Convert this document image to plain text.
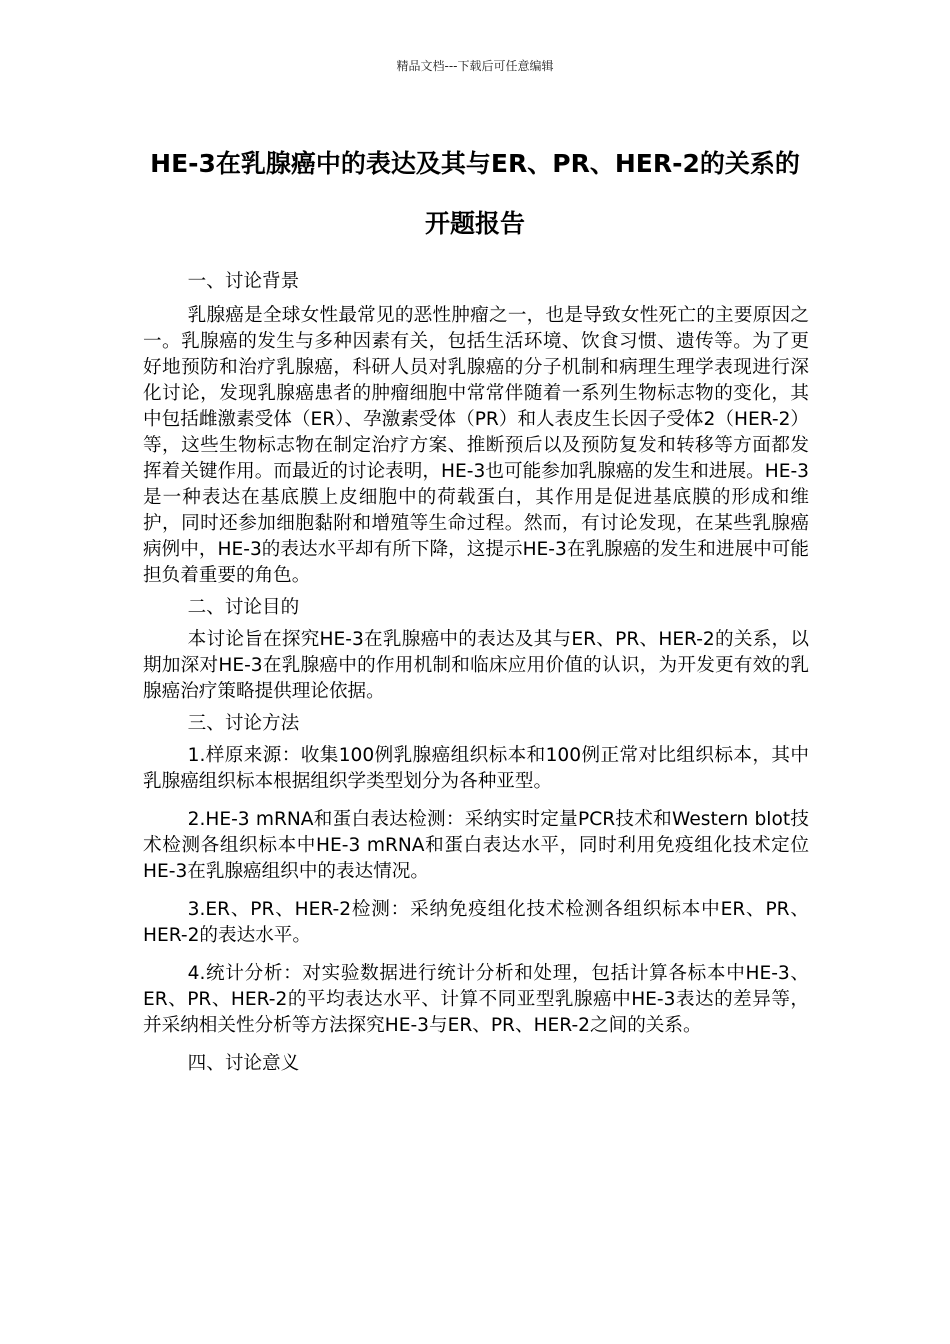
精品文档---下载后可任意编辑
HE-3在乳腺癌中的表达及其与ER、PR、HER-2的关系的开题报告

一、讨论背景

乳腺癌是全球女性最常见的恶性肿瘤之一，也是导致女性死亡的主要原因之一。乳腺癌的发生与多种因素有关，包括生活环境、饮食习惯、遗传等。为了更好地预防和治疗乳腺癌，科研人员对乳腺癌的分子机制和病理生理学表现进行深化讨论，发现乳腺癌患者的肿瘤细胞中常常伴随着一系列生物标志物的变化，其中包括雌激素受体（ER）、孕激素受体（PR）和人表皮生长因子受体2（HER-2）等，这些生物标志物在制定治疗方案、推断预后以及预防复发和转移等方面都发挥着关键作用。而最近的讨论表明，HE-3也可能参加乳腺癌的发生和进展。HE-3是一种表达在基底膜上皮细胞中的荷载蛋白，其作用是促进基底膜的形成和维护，同时还参加细胞黏附和增殖等生命过程。然而，有讨论发现，在某些乳腺癌病例中，HE-3的表达水平却有所下降，这提示HE-3在乳腺癌的发生和进展中可能担负着重要的角色。

二、讨论目的

本讨论旨在探究HE-3在乳腺癌中的表达及其与ER、PR、HER-2的关系，以期加深对HE-3在乳腺癌中的作用机制和临床应用价值的认识，为开发更有效的乳腺癌治疗策略提供理论依据。

三、讨论方法

1.样原来源：收集100例乳腺癌组织标本和100例正常对比组织标本，其中乳腺癌组织标本根据组织学类型划分为各种亚型。

2.HE-3 mRNA和蛋白表达检测：采纳实时定量PCR技术和Western blot技术检测各组织标本中HE-3 mRNA和蛋白表达水平，同时利用免疫组化技术定位HE-3在乳腺癌组织中的表达情况。

3.ER、PR、HER-2检测：采纳免疫组化技术检测各组织标本中ER、PR、HER-2的表达水平。

4.统计分析：对实验数据进行统计分析和处理，包括计算各标本中HE-3、ER、PR、HER-2的平均表达水平、计算不同亚型乳腺癌中HE-3表达的差异等，并采纳相关性分析等方法探究HE-3与ER、PR、HER-2之间的关系。

四、讨论意义
